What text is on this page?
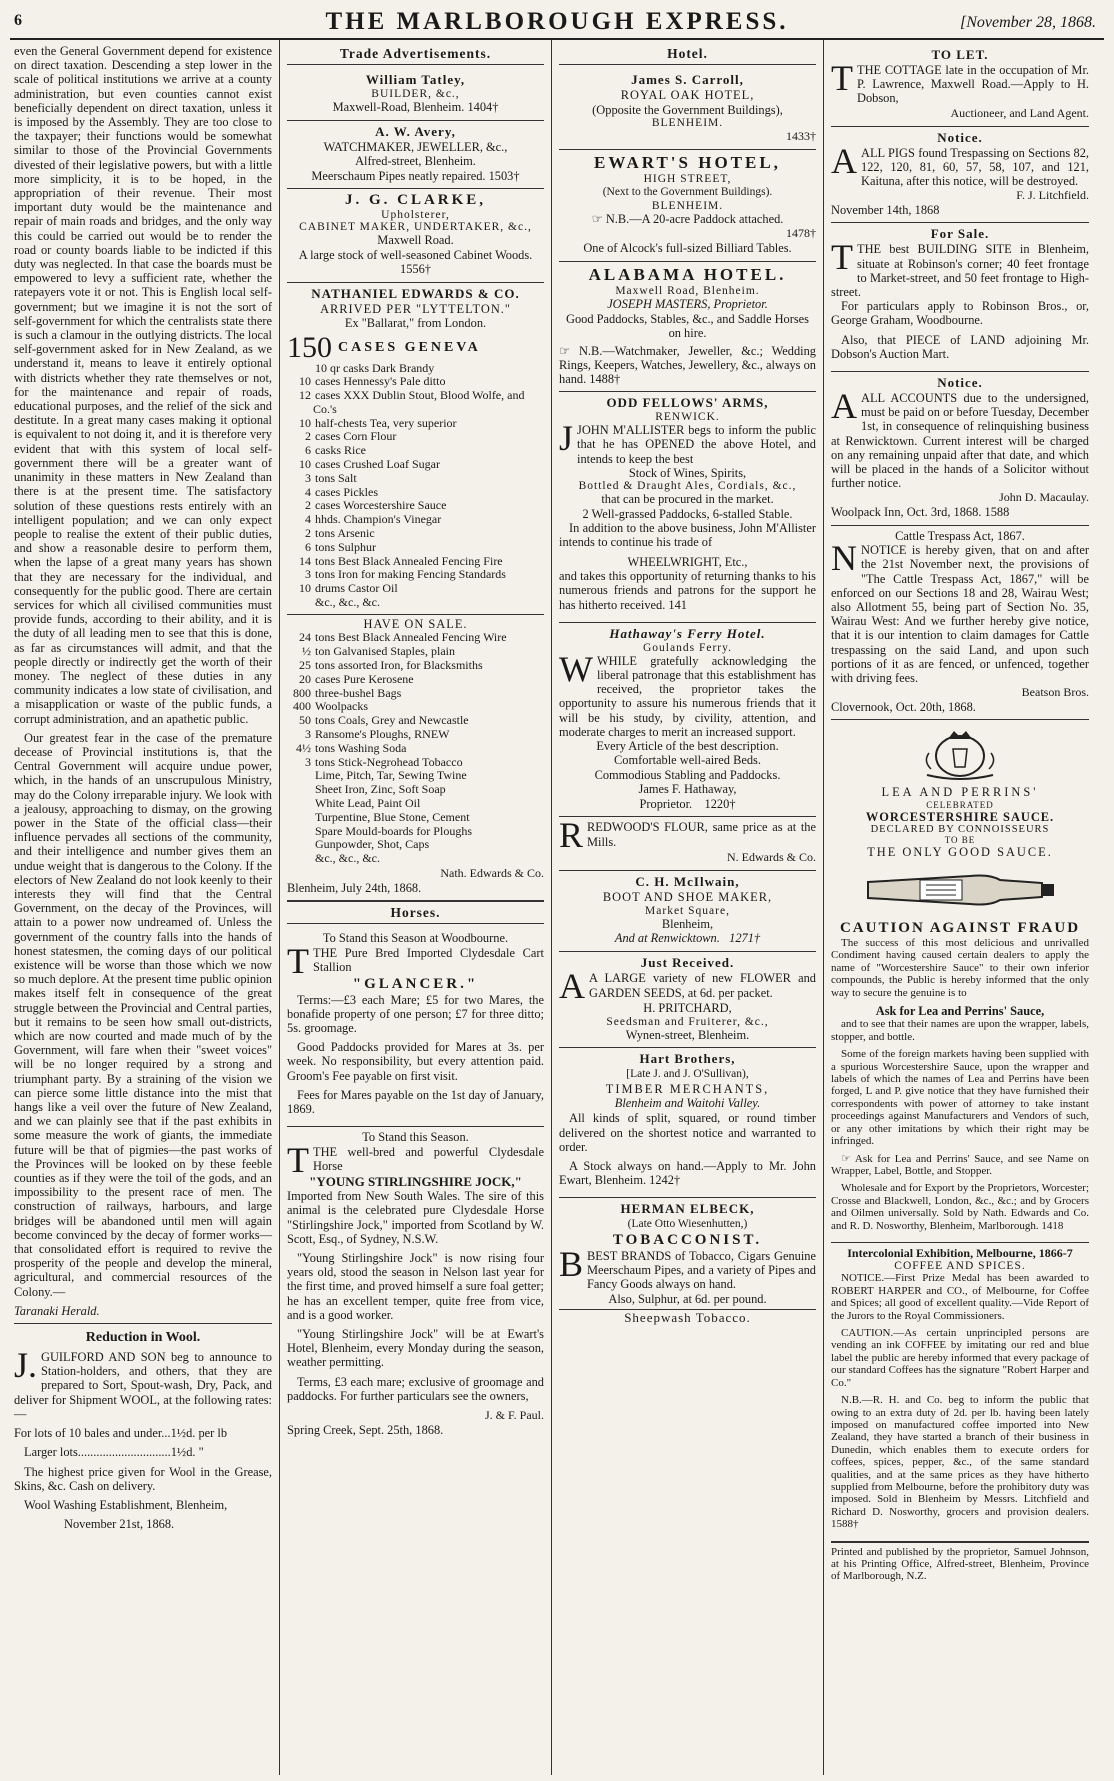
6	THE MARLBOROUGH EXPRESS.	[November 28, 1868.

even the General Government depend for existence on direct taxation. Descending a step lower in the scale of political institutions we arrive at a county administration, but even counties cannot exist beneficially dependent on direct taxation, unless it is imposed by the Assembly. They are too close to the taxpayer; their functions would be somewhat similar to those of the Provincial Governments divested of their legislative powers, but with a little more simplicity, it is to be hoped, in the appropriation of their revenue. Their most important duty would be the maintenance and repair of main roads and bridges, and the only way this could be carried out would be to render the road or county boards liable to be indicted if this duty was neglected. In that case the boards must be empowered to levy a sufficient rate, whether the ratepayers vote it or not. This is English local self-government; but we imagine it is not the sort of self-government for which the centralists state there is such a clamour in the outlying districts. The local self-government asked for in New Zealand, as we understand it, means to leave it entirely optional with districts whether they rate themselves or not, for the maintenance and repair of roads, educational purposes, and the relief of the sick and destitute. In a great many cases making it optional is equivalent to not doing it, and it is therefore very evident that with this system of local self-government there will be a greater want of unanimity in these matters in New Zealand than there is at the present time. The satisfactory solution of these questions rests entirely with an intelligent population; and we can only expect people to realise the extent of their public duties, and show a reasonable desire to perform them, when the lapse of a great many years has shown that they are necessary for the individual, and consequently for the public good. There are certain services for which all civilised communities must provide funds, according to their ability, and it is the duty of all leading men to see that this is done, as far as circumstances will admit, and that the people directly or indirectly get the worth of their money. The neglect of these duties in any community indicates a low state of civilisation, and a misapplication or waste of the public funds, a corrupt administration, and an apathetic public.

Our greatest fear in the case of the premature decease of Provincial institutions is, that the Central Government will acquire undue power, which, in the hands of an unscrupulous Ministry, may do the Colony irreparable injury. We look with a jealousy, approaching to dismay, on the growing power in the State of the official class—their influence pervades all sections of the community, and their intelligence and number gives them an undue weight that is dangerous to the Colony. If the electors of New Zealand do not look keenly to their interests they will find that the Central Government, on the decay of the Provinces, will attain to a power now undreamed of. Unless the government of the country falls into the hands of honest statesmen, the coming days of our political existence will be worse than those which we now so much deplore. At the present time public opinion makes itself felt in consequence of the great struggle between the Provincial and Central parties, but it remains to be seen how small out-districts, which are now courted and made much of by the Government, will fare when their "sweet voices" will be no longer required by a strong and triumphant party. By a straining of the vision we can pierce some little distance into the mist that hangs like a veil over the future of New Zealand, and we can plainly see that if the past exhibits in some measure the work of giants, the immediate future will be that of pigmies—the past works of the Provinces will be looked on by these feeble counties as if they were the toil of the gods, and an impossibility to the present race of men. The construction of railways, harbours, and large bridges will be abandoned until men will again become convinced by the decay of former works—that consolidated effort is required to revive the prosperity of the people and develop the mineral, agricultural, and commercial resources of the Colony.—

Taranaki Herald.

Reduction in Wool.

J. GUILFORD AND SON beg to announce to Station-holders, and others, that they are prepared to Sort, Spout-wash, Dry, Pack, and deliver for Shipment WOOL, at the following rates:—

For lots of 10 bales and under...1½d. per lb

Larger lots..............................1½d. "

The highest price given for Wool in the Grease, Skins, &c. Cash on delivery.

Wool Washing Establishment, Blenheim,

November 21st, 1868.

Trade Advertisements.
William Tatley,
BUILDER, &c.,
Maxwell-Road, Blenheim. 1404†
A. W. Avery,
WATCHMAKER, JEWELLER, &c.,
Alfred-street, Blenheim.
Meerschaum Pipes neatly repaired. 1503†
J. G. CLARKE,
Upholsterer,
CABINET MAKER, UNDERTAKER, &c.,
Maxwell Road.
A large stock of well-seasoned Cabinet Woods. 1556†
NATHANIEL EDWARDS & CO.
ARRIVED PER "LYTTELTON."
Ex "Ballarat," from London.
150 CASES GENEVA
10 qr casks Dark Brandy
10 cases Hennessy's Pale ditto
12 cases XXX Dublin Stout, Blood Wolfe, and Co.'s
10 half-chests Tea, very superior
2 cases Corn Flour
6 casks Rice
10 cases Crushed Loaf Sugar
3 tons Salt
4 cases Pickles
2 cases Worcestershire Sauce
4 hhds. Champion's Vinegar
2 tons Arsenic
6 tons Sulphur
14 tons Best Black Annealed Fencing Fire
3 tons Iron for making Fencing Standards
10 drums Castor Oil
&c., &c., &c.
HAVE ON SALE.
24 tons Best Black Annealed Fencing Wire
½ ton Galvanised Staples, plain
25 tons assorted Iron, for Blacksmiths
20 cases Pure Kerosene
800 three-bushel Bags
400 Woolpacks
50 tons Coals, Grey and Newcastle
3 Ransome's Ploughs, RNEW
4½ tons Washing Soda
3 tons Stick-Negrohead Tobacco
Lime, Pitch, Tar, Sewing Twine
Sheet Iron, Zinc, Soft Soap
White Lead, Paint Oil
Turpentine, Blue Stone, Cement
Spare Mould-boards for Ploughs
Gunpowder, Shot, Caps
&c., &c., &c.
Nath. Edwards & Co.
Blenheim, July 24th, 1868.
Horses.
To Stand this Season at Woodbourne.
TTHE Pure Bred Imported Clydesdale Cart Stallion
"GLANCER."

Terms:—£3 each Mare; £5 for two Mares, the bonafide property of one person; £7 for three ditto; 5s. groomage.

Good Paddocks provided for Mares at 3s. per week. No responsibility, but every attention paid. Groom's Fee payable on first visit.

Fees for Mares payable on the 1st day of January, 1869.

To Stand this Season.
TTHE well-bred and powerful Clydesdale Horse
"YOUNG STIRLINGSHIRE JOCK,"

Imported from New South Wales. The sire of this animal is the celebrated pure Clydesdale Horse "Stirlingshire Jock," imported from Scotland by W. Scott, Esq., of Sydney, N.S.W.

"Young Stirlingshire Jock" is now rising four years old, stood the season in Nelson last year for the first time, and proved himself a sure foal getter; he has an excellent temper, quite free from vice, and is a good worker.

"Young Stirlingshire Jock" will be at Ewart's Hotel, Blenheim, every Monday during the season, weather permitting.

Terms, £3 each mare; exclusive of groomage and paddocks. For further particulars see the owners,

J. & F. Paul.
Spring Creek, Sept. 25th, 1868.
Hotel.
James S. Carroll,
ROYAL OAK HOTEL,
(Opposite the Government Buildings),
BLENHEIM.
1433†
EWART'S HOTEL,
HIGH STREET,
(Next to the Government Buildings).
BLENHEIM.
☞ N.B.—A 20-acre Paddock attached.
1478†
One of Alcock's full-sized Billiard Tables.
ALABAMA HOTEL.
Maxwell Road, Blenheim.
JOSEPH MASTERS, Proprietor.
Good Paddocks, Stables, &c., and Saddle Horses on hire.
☞ N.B.—Watchmaker, Jeweller, &c.; Wedding Rings, Keepers, Watches, Jewellery, &c., always on hand. 1488†
ODD FELLOWS' ARMS,
RENWICK.
JJOHN M'ALLISTER begs to inform the public that he has OPENED the above Hotel, and intends to keep the best
Stock of Wines, Spirits,
Bottled & Draught Ales, Cordials, &c.,
that can be procured in the market.
2 Well-grassed Paddocks, 6-stalled Stable.

In addition to the above business, John M'Allister intends to continue his trade of

WHEELWRIGHT, Etc.,

and takes this opportunity of returning thanks to his numerous friends and patrons for the support he has hitherto received. 141

Hathaway's Ferry Hotel.
Goulands Ferry.
WWHILE gratefully acknowledging the liberal patronage that this establishment has received, the proprietor takes the opportunity to assure his numerous friends that it will be his study, by civility, attention, and moderate charges to merit an increased support.
Every Article of the best description.
Comfortable well-aired Beds.
Commodious Stabling and Paddocks.
James F. Hathaway,
Proprietor. 1220†
RREDWOOD'S FLOUR, same price as at the Mills.
N. Edwards & Co.
C. H. McIlwain,
BOOT AND SHOE MAKER,
Market Square,
Blenheim,
And at Renwicktown. 1271†
Just Received.
A A LARGE variety of new FLOWER and GARDEN SEEDS, at 6d. per packet.
H. PRITCHARD,
Seedsman and Fruiterer, &c.,
Wynen-street, Blenheim.
Hart Brothers,
[Late J. and J. O'Sullivan),
TIMBER MERCHANTS,
Blenheim and Waitohi Valley.

All kinds of split, squared, or round timber delivered on the shortest notice and warranted to order.

A Stock always on hand.—Apply to Mr. John Ewart, Blenheim. 1242†

HERMAN ELBECK,
(Late Otto Wiesenhutten,)
TOBACCONIST.
BBEST BRANDS of Tobacco, Cigars Genuine Meerschaum Pipes, and a variety of Pipes and Fancy Goods always on hand.
Also, Sulphur, at 6d. per pound.
Sheepwash Tobacco.
TO LET.
TTHE COTTAGE late in the occupation of Mr. P. Lawrence, Maxwell Road.—Apply to H. Dobson,
Auctioneer, and Land Agent.
Notice.
AALL PIGS found Trespassing on Sections 82, 122, 120, 81, 60, 57, 58, 107, and 121, Kaituna, after this notice, will be destroyed.
F. J. Litchfield.
November 14th, 1868
For Sale.
TTHE best BUILDING SITE in Blenheim, situate at Robinson's corner; 40 feet frontage to Market-street, and 50 feet frontage to High-street.

For particulars apply to Robinson Bros., or, George Graham, Woodbourne.

Also, that PIECE of LAND adjoining Mr. Dobson's Auction Mart.

Notice.
AALL ACCOUNTS due to the undersigned, must be paid on or before Tuesday, December 1st, in consequence of relinquishing business at Renwicktown. Current interest will be charged on any remaining unpaid after that date, and which will be placed in the hands of a Solicitor without further notice.
John D. Macaulay.
Woolpack Inn, Oct. 3rd, 1868. 1588
Cattle Trespass Act, 1867.
NNOTICE is hereby given, that on and after the 21st November next, the provisions of "The Cattle Trespass Act, 1867," will be enforced on our Sections 18 and 28, Wairau West; also Allotment 55, being part of Section No. 35, Wairau West: And we further hereby give notice, that it is our intention to claim damages for Cattle trespassing on the said Land, and upon such portions of it as are fenced, or unfenced, together with driving fees.
Beatson Bros.
Clovernook, Oct. 20th, 1868.
LEA AND PERRINS'
CELEBRATED
WORCESTERSHIRE SAUCE.
DECLARED BY CONNOISSEURS
TO BE
THE ONLY GOOD SAUCE.
CAUTION AGAINST FRAUD

The success of this most delicious and unrivalled Condiment having caused certain dealers to apply the name of "Worcestershire Sauce" to their own inferior compounds, the Public is hereby informed that the only way to secure the genuine is to

Ask for Lea and Perrins' Sauce,

and to see that their names are upon the wrapper, labels, stopper, and bottle.

Some of the foreign markets having been supplied with a spurious Worcestershire Sauce, upon the wrapper and labels of which the names of Lea and Perrins have been forged, L and P. give notice that they have furnished their correspondents with power of attorney to take instant proceedings against Manufacturers and Vendors of such, or any other imitations by which their right may be infringed.

☞ Ask for Lea and Perrins' Sauce, and see Name on Wrapper, Label, Bottle, and Stopper.

Wholesale and for Export by the Proprietors, Worcester; Crosse and Blackwell, London, &c., &c.; and by Grocers and Oilmen universally. Sold by Nath. Edwards and Co. and R. D. Nosworthy, Blenheim, Marlborough. 1418

Intercolonial Exhibition, Melbourne, 1866-7
COFFEE AND SPICES.

NOTICE.—First Prize Medal has been awarded to ROBERT HARPER and CO., of Melbourne, for Coffee and Spices; all good of excellent quality.—Vide Report of the Jurors to the Royal Commissioners.

CAUTION.—As certain unprincipled persons are vending an ink COFFEE by imitating our red and blue label the public are hereby informed that every package of our standard Coffees has the signature "Robert Harper and Co."

N.B.—R. H. and Co. beg to inform the public that owing to an extra duty of 2d. per lb. having been lately imposed on manufactured coffee imported into New Zealand, they have started a branch of their business in Dunedin, which enables them to execute orders for coffees, spices, pepper, &c., of the same standard qualities, and at the same prices as they have hitherto supplied from Melbourne, before the prohibitory duty was imposed. Sold in Blenheim by Messrs. Litchfield and Richard D. Nosworthy, grocers and provision dealers. 1588†

Printed and published by the proprietor, Samuel Johnson, at his Printing Office, Alfred-street, Blenheim, Province of Marlborough, N.Z.
